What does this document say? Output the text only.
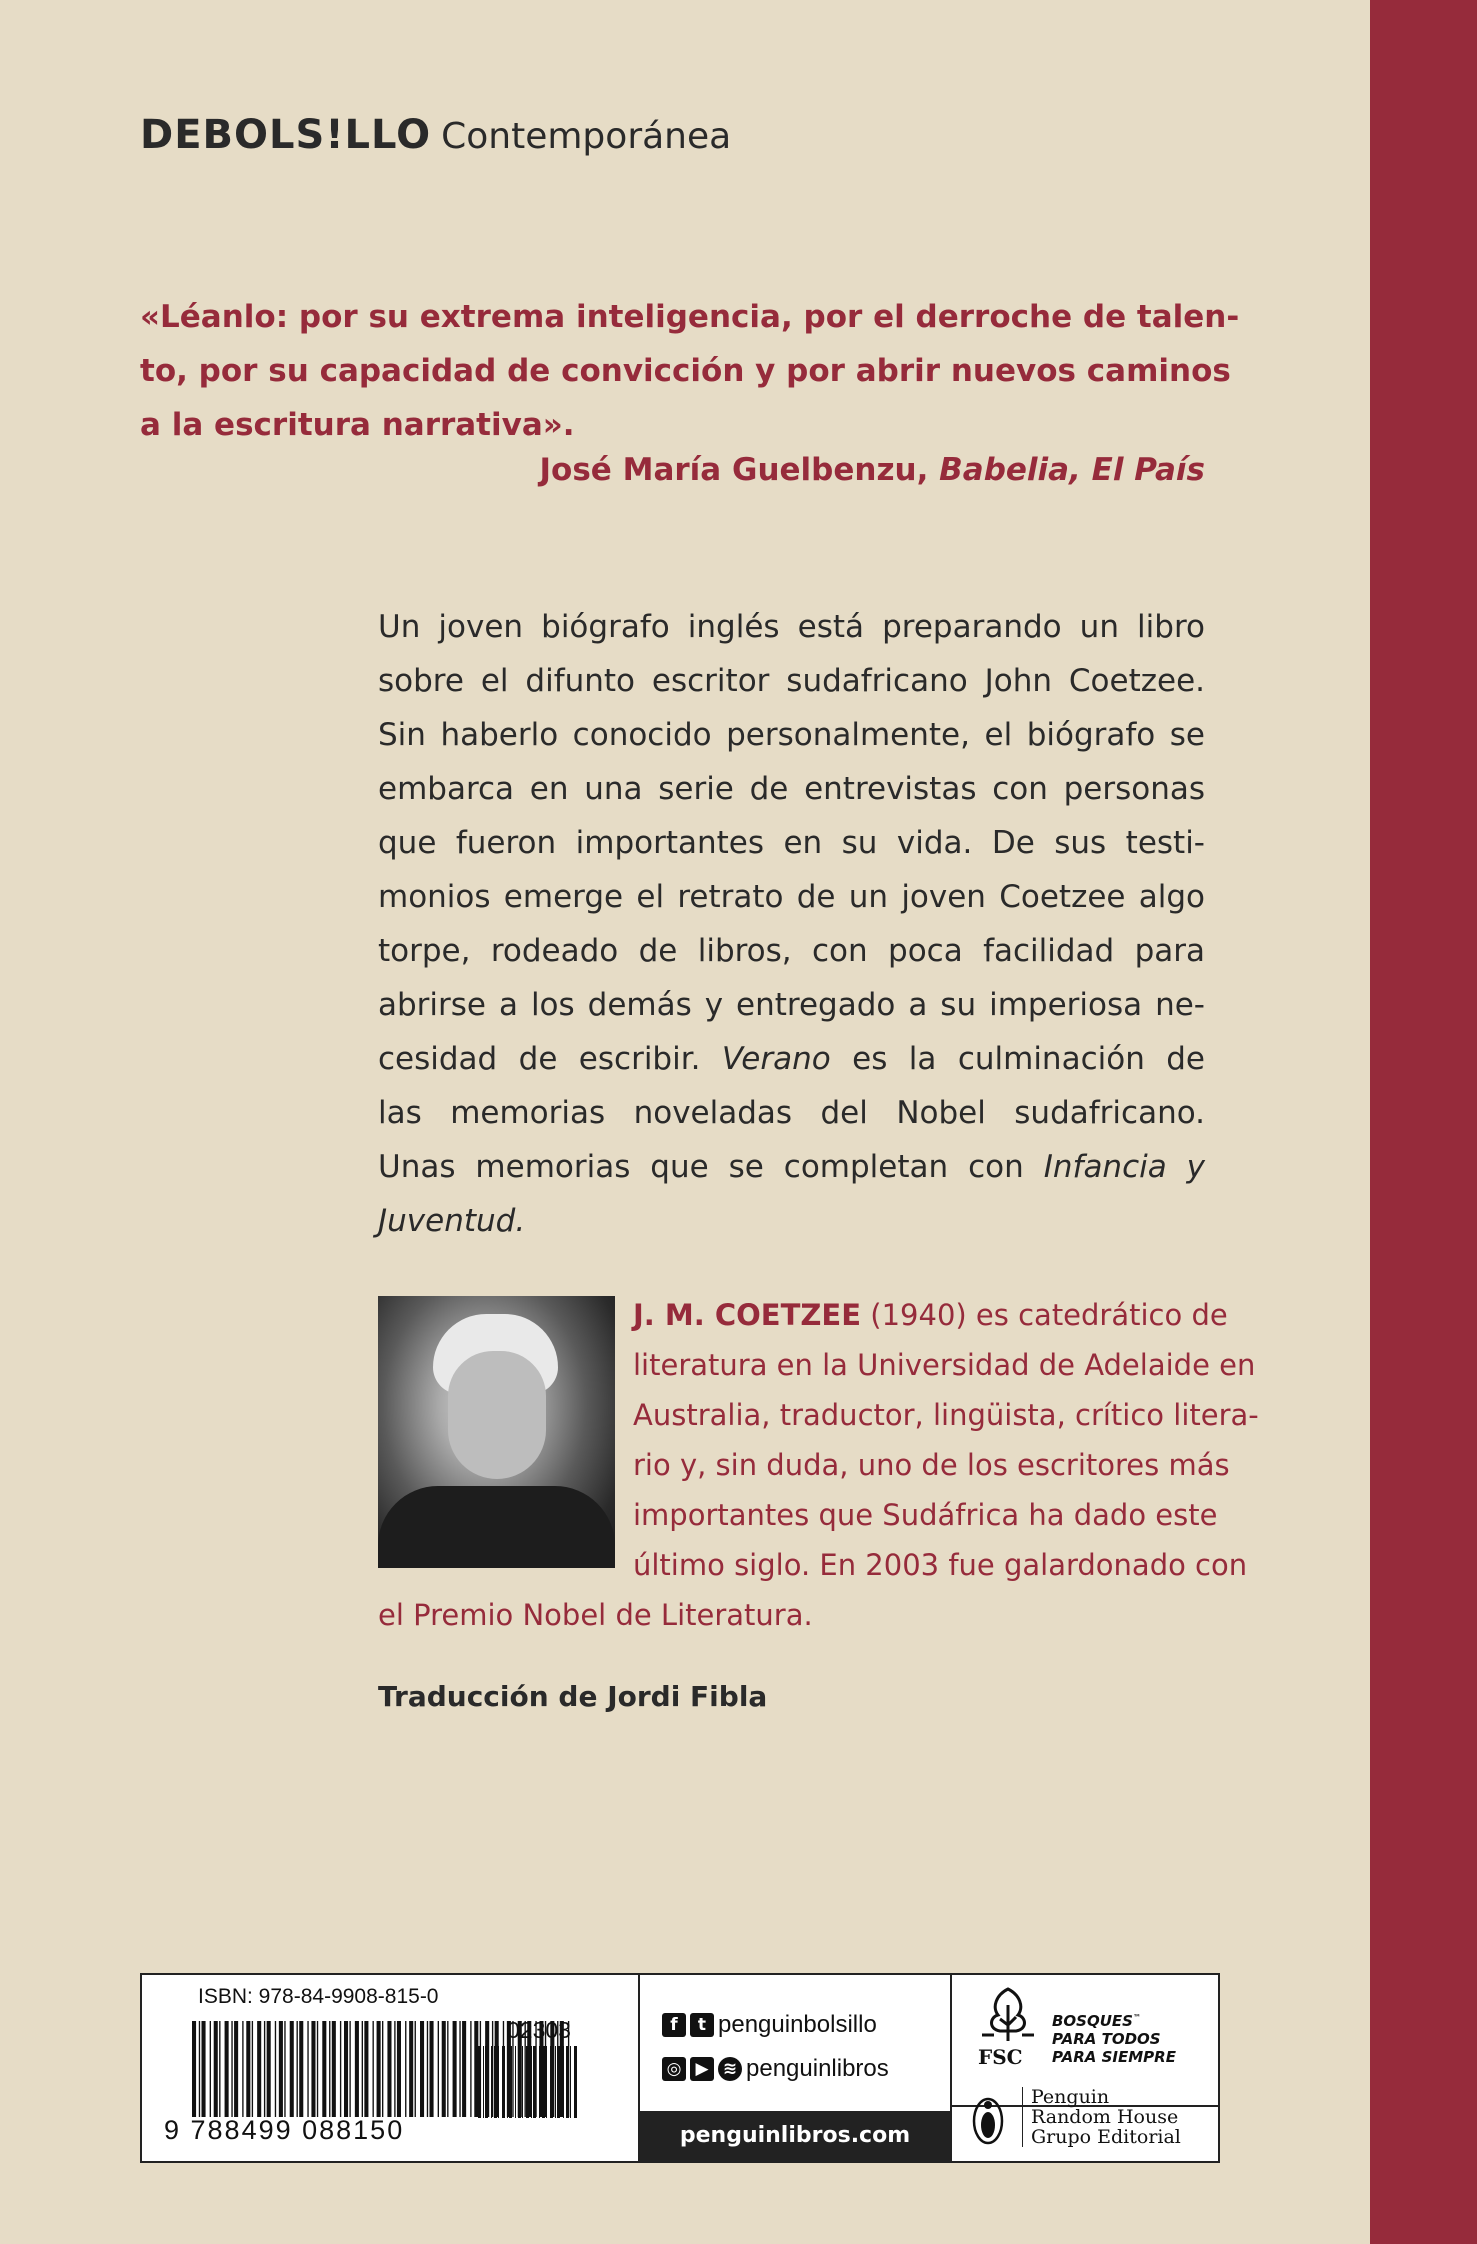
DEBOLS!LLO Contemporánea
«Léanlo: por su extrema inteligencia, por el derroche de talen-
to, por su capacidad de convicción y por abrir nuevos caminos
a la escritura narrativa».
José María Guelbenzu, Babelia, El País
Un joven biógrafo inglés está preparando un libro
sobre el difunto escritor sudafricano John Coetzee.
Sin haberlo conocido personalmente, el biógrafo se
embarca en una serie de entrevistas con personas
que fueron importantes en su vida. De sus testi-
monios emerge el retrato de un joven Coetzee algo
torpe, rodeado de libros, con poca facilidad para
abrirse a los demás y entregado a su imperiosa ne-
cesidad de escribir. Verano es la culminación de
las memorias noveladas del Nobel sudafricano.
Unas memorias que se completan con Infancia y
Juventud.
J. M. COETZEE (1940) es catedrático de
literatura en la Universidad de Adelaide en
Australia, traductor, lingüista, crítico litera-
rio y, sin duda, uno de los escritores más
importantes que Sudáfrica ha dado este
último siglo. En 2003 fue galardonado con
el Premio Nobel de Literatura.
Traducción de Jordi Fibla
ISBN: 978-84-9908-815-0
02303
9 788499 088150
f	t penguinbolsillo
◎ ▶ ≋ penguinlibros
penguinlibros.com
FSC
BOSQUES™
PARA TODOS
PARA SIEMPRE
Penguin
Random House
Grupo Editorial
